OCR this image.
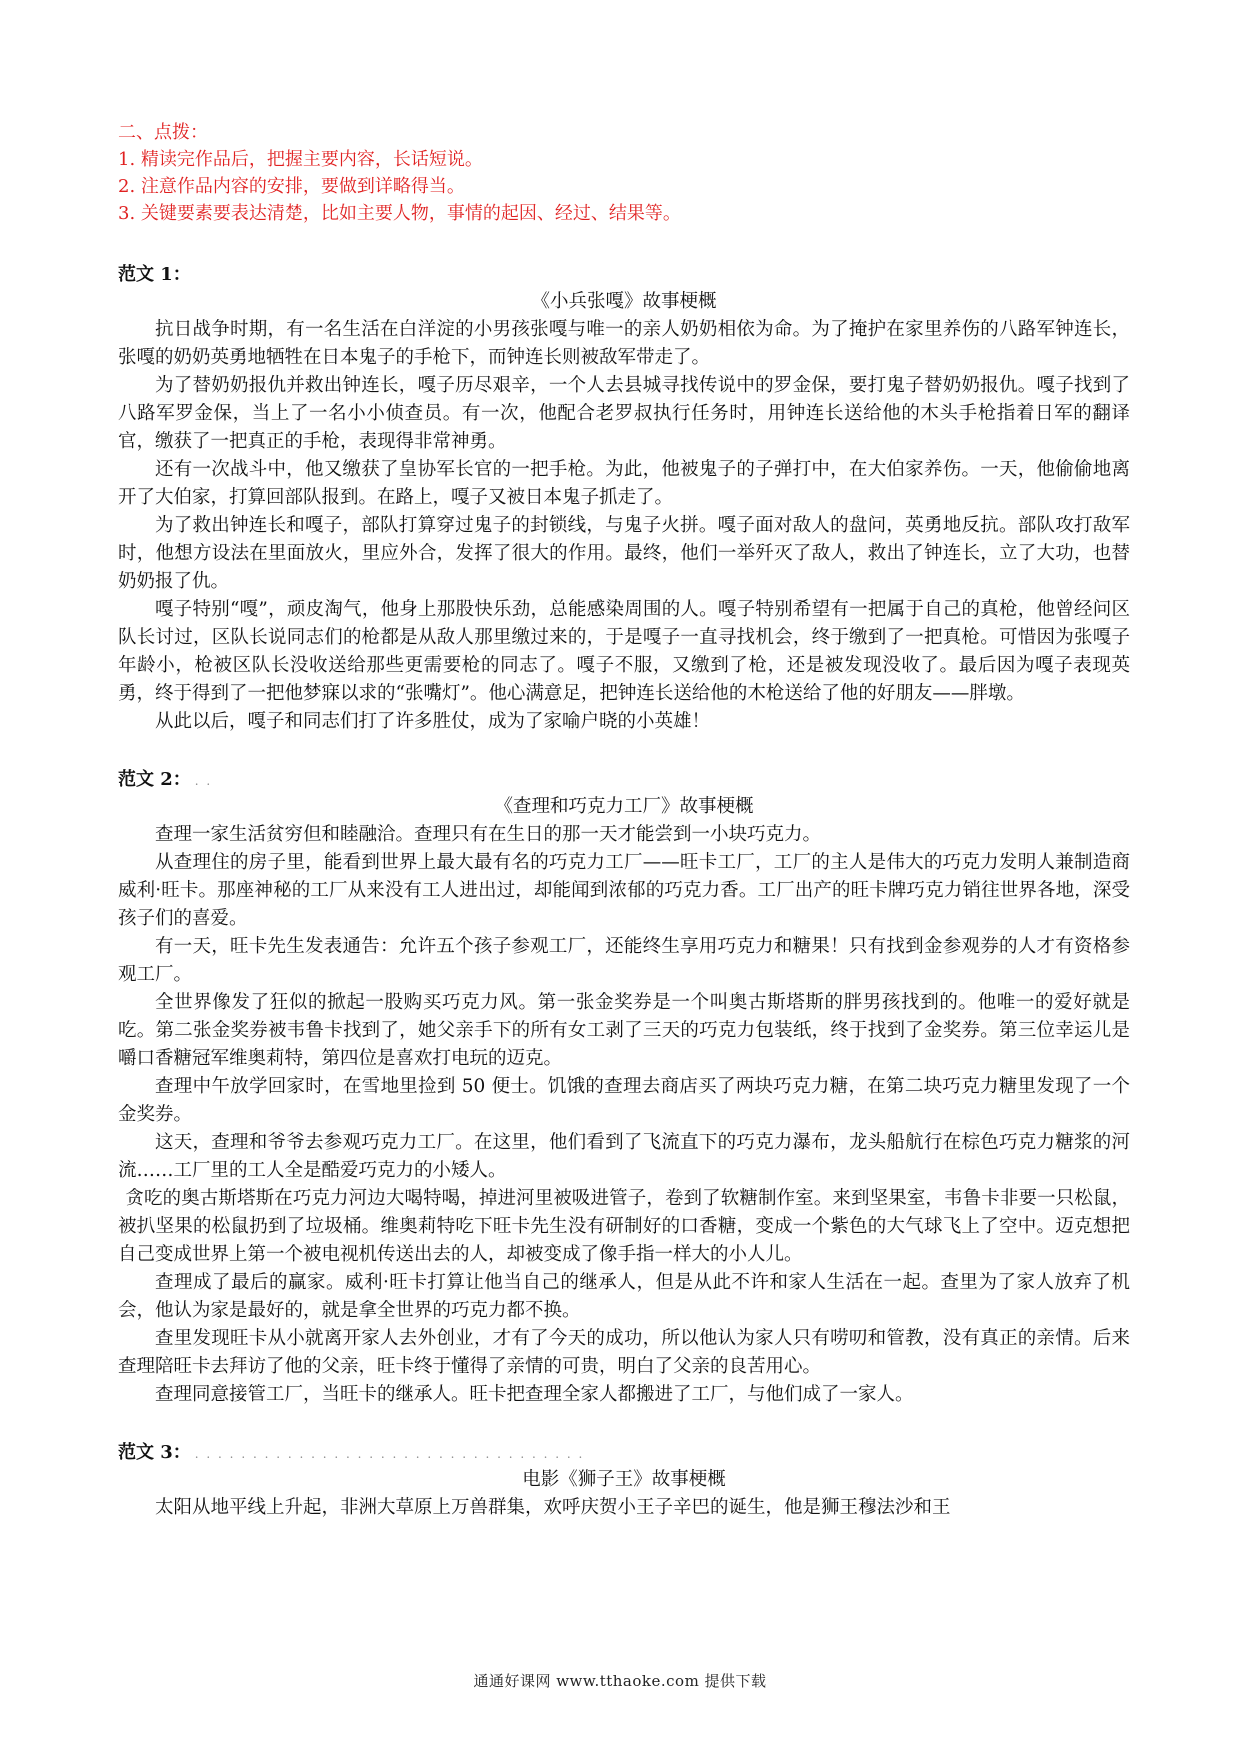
二、点拨：
1. 精读完作品后，把握主要内容，长话短说。
2. 注意作品内容的安排，要做到详略得当。
3. 关键要素要表达清楚，比如主要人物，事情的起因、经过、结果等。
范文 1：
《小兵张嘎》故事梗概

抗日战争时期，有一名生活在白洋淀的小男孩张嘎与唯一的亲人奶奶相依为命。为了掩护在家里养伤的八路军钟连长，张嘎的奶奶英勇地牺牲在日本鬼子的手枪下，而钟连长则被敌军带走了。

为了替奶奶报仇并救出钟连长，嘎子历尽艰辛，一个人去县城寻找传说中的罗金保，要打鬼子替奶奶报仇。嘎子找到了八路军罗金保，当上了一名小小侦查员。有一次，他配合老罗叔执行任务时，用钟连长送给他的木头手枪指着日军的翻译官，缴获了一把真正的手枪，表现得非常神勇。

还有一次战斗中，他又缴获了皇协军长官的一把手枪。为此，他被鬼子的子弹打中，在大伯家养伤。一天，他偷偷地离开了大伯家，打算回部队报到。在路上，嘎子又被日本鬼子抓走了。

为了救出钟连长和嘎子，部队打算穿过鬼子的封锁线，与鬼子火拼。嘎子面对敌人的盘问，英勇地反抗。部队攻打敌军时，他想方设法在里面放火，里应外合，发挥了很大的作用。最终，他们一举歼灭了敌人，救出了钟连长，立了大功，也替奶奶报了仇。

嘎子特别“嘎”，顽皮淘气，他身上那股快乐劲，总能感染周围的人。嘎子特别希望有一把属于自己的真枪，他曾经问区队长讨过，区队长说同志们的枪都是从敌人那里缴过来的，于是嘎子一直寻找机会，终于缴到了一把真枪。可惜因为张嘎子年龄小，枪被区队长没收送给那些更需要枪的同志了。嘎子不服，又缴到了枪，还是被发现没收了。最后因为嘎子表现英勇，终于得到了一把他梦寐以求的“张嘴灯”。他心满意足，把钟连长送给他的木枪送给了他的好朋友——胖墩。

从此以后，嘎子和同志们打了许多胜仗，成为了家喻户晓的小英雄！

范文 2： . .
《查理和巧克力工厂》故事梗概

查理一家生活贫穷但和睦融洽。查理只有在生日的那一天才能尝到一小块巧克力。

从查理住的房子里，能看到世界上最大最有名的巧克力工厂——旺卡工厂，工厂的主人是伟大的巧克力发明人兼制造商威利·旺卡。那座神秘的工厂从来没有工人进出过，却能闻到浓郁的巧克力香。工厂出产的旺卡牌巧克力销往世界各地，深受孩子们的喜爱。

有一天，旺卡先生发表通告：允许五个孩子参观工厂，还能终生享用巧克力和糖果！只有找到金参观券的人才有资格参观工厂。

全世界像发了狂似的掀起一股购买巧克力风。第一张金奖券是一个叫奥古斯塔斯的胖男孩找到的。他唯一的爱好就是吃。第二张金奖券被韦鲁卡找到了，她父亲手下的所有女工剥了三天的巧克力包装纸，终于找到了金奖券。第三位幸运儿是嚼口香糖冠军维奥莉特，第四位是喜欢打电玩的迈克。

查理中午放学回家时，在雪地里捡到 50 便士。饥饿的查理去商店买了两块巧克力糖，在第二块巧克力糖里发现了一个金奖券。

这天，查理和爷爷去参观巧克力工厂。在这里，他们看到了飞流直下的巧克力瀑布，龙头船航行在棕色巧克力糖浆的河流……工厂里的工人全是酷爱巧克力的小矮人。

贪吃的奥古斯塔斯在巧克力河边大喝特喝，掉进河里被吸进管子，卷到了软糖制作室。来到坚果室，韦鲁卡非要一只松鼠，被扒坚果的松鼠扔到了垃圾桶。维奥莉特吃下旺卡先生没有研制好的口香糖，变成一个紫色的大气球飞上了空中。迈克想把自己变成世界上第一个被电视机传送出去的人，却被变成了像手指一样大的小人儿。

查理成了最后的赢家。威利·旺卡打算让他当自己的继承人，但是从此不许和家人生活在一起。查里为了家人放弃了机会，他认为家是最好的，就是拿全世界的巧克力都不换。

查里发现旺卡从小就离开家人去外创业，才有了今天的成功，所以他认为家人只有唠叨和管教，没有真正的亲情。后来查理陪旺卡去拜访了他的父亲，旺卡终于懂得了亲情的可贵，明白了父亲的良苦用心。

查理同意接管工厂，当旺卡的继承人。旺卡把查理全家人都搬进了工厂，与他们成了一家人。

范文 3： . . . . . . . . . . . . . . . . . . . . . . . . . . . . . . . . . .
电影《狮子王》故事梗概

太阳从地平线上升起，非洲大草原上万兽群集，欢呼庆贺小王子辛巴的诞生，他是狮王穆法沙和王

通通好课网 www.tthaoke.com 提供下载
